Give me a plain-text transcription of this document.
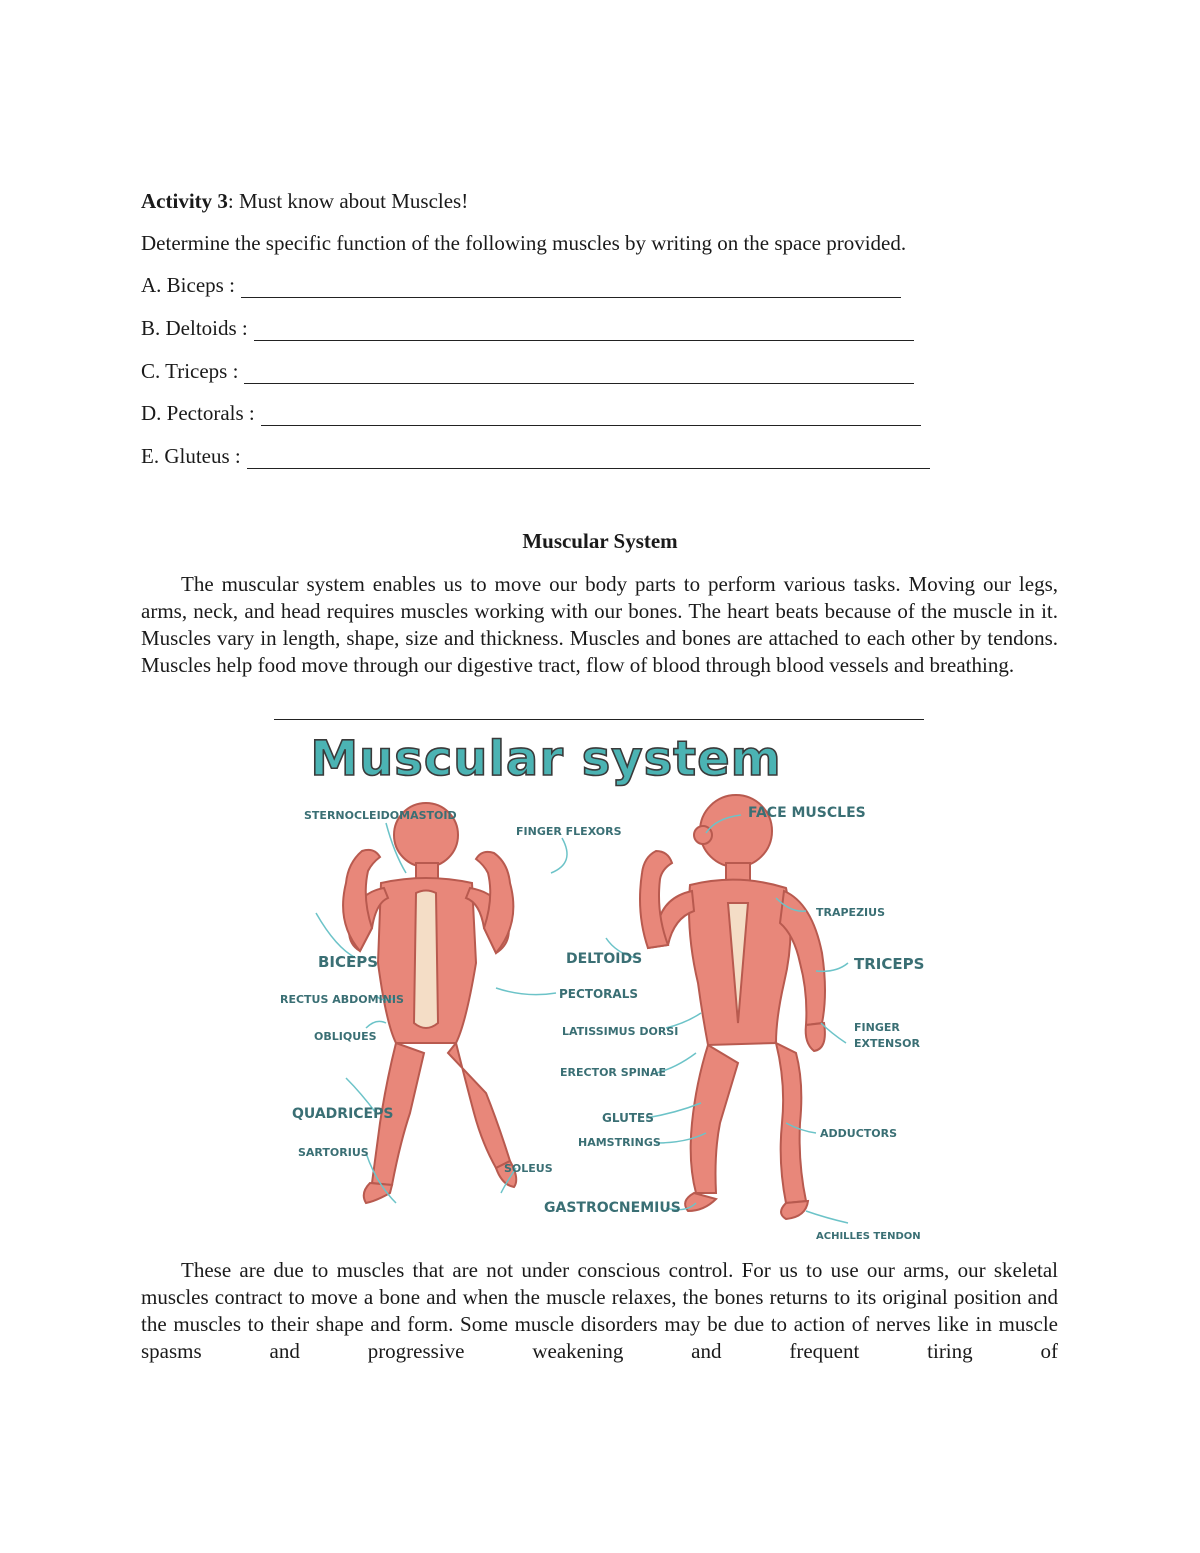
Activity 3: Must know about Muscles!
Determine the specific function of the following muscles by writing on the space provided.
A. Biceps :
B. Deltoids :
C. Triceps :
D. Pectorals :
E. Gluteus :
Muscular System

The muscular system enables us to move our body parts to perform various tasks. Moving our legs, arms, neck, and head requires muscles working with our bones. The heart beats because of the muscle in it. Muscles vary in length, shape, size and thickness. Muscles and bones are attached to each other by tendons. Muscles help food move through our digestive tract, flow of blood through blood vessels and breathing.

Muscular system
STERNOCLEIDOMASTOID
FINGER FLEXORS
FACE MUSCLES
TRAPEZIUS
BICEPS	DELTOIDS	TRICEPS
RECTUS ABDOMINIS	PECTORALS
OBLIQUES	LATISSIMUS DORSI	FINGER
EXTENSOR
ERECTOR SPINAE
QUADRICEPS	GLUTES
HAMSTRINGS
ADDUCTORS
SARTORIUS
SOLEUS
GASTROCNEMIUS
ACHILLES TENDON

These are due to muscles that are not under conscious control. For us to use our arms, our skeletal muscles contract to move a bone and when the muscle relaxes, the bones returns to its original position and the muscles to their shape and form. Some muscle disorders may be due to action of nerves like in muscle spasms and progressive weakening and frequent tiring of
